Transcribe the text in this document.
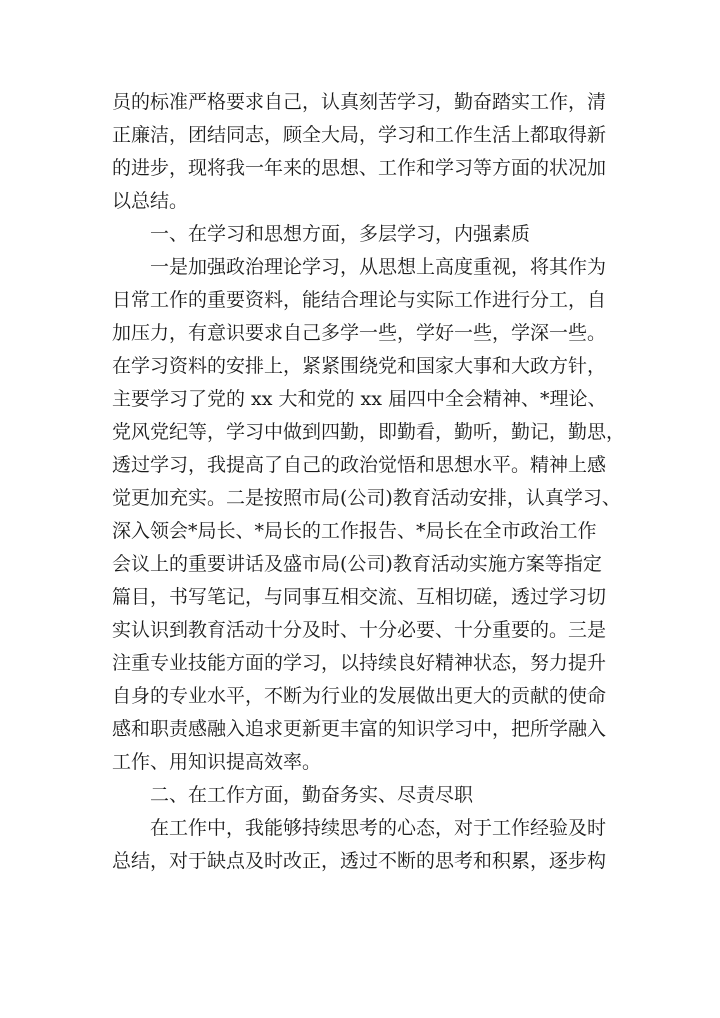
员的标准严格要求自己，认真刻苦学习，勤奋踏实工作，清

正廉洁，团结同志，顾全大局，学习和工作生活上都取得新

的进步，现将我一年来的思想、工作和学习等方面的状况加

以总结。

一、在学习和思想方面，多层学习，内强素质

一是加强政治理论学习，从思想上高度重视，将其作为

日常工作的重要资料，能结合理论与实际工作进行分工，自

加压力，有意识要求自己多学一些，学好一些，学深一些。

在学习资料的安排上，紧紧围绕党和国家大事和大政方针，

主要学习了党的 xx 大和党的 xx 届四中全会精神、*理论、

党风党纪等，学习中做到四勤，即勤看，勤听，勤记，勤思，

透过学习，我提高了自己的政治觉悟和思想水平。精神上感

觉更加充实。二是按照市局(公司)教育活动安排，认真学习、

深入领会*局长、*局长的工作报告、*局长在全市政治工作

会议上的重要讲话及盛市局(公司)教育活动实施方案等指定

篇目，书写笔记，与同事互相交流、互相切磋，透过学习切

实认识到教育活动十分及时、十分必要、十分重要的。三是

注重专业技能方面的学习，以持续良好精神状态，努力提升

自身的专业水平，不断为行业的发展做出更大的贡献的使命

感和职责感融入追求更新更丰富的知识学习中，把所学融入

工作、用知识提高效率。

二、在工作方面，勤奋务实、尽责尽职

在工作中，我能够持续思考的心态，对于工作经验及时

总结，对于缺点及时改正，透过不断的思考和积累，逐步构
